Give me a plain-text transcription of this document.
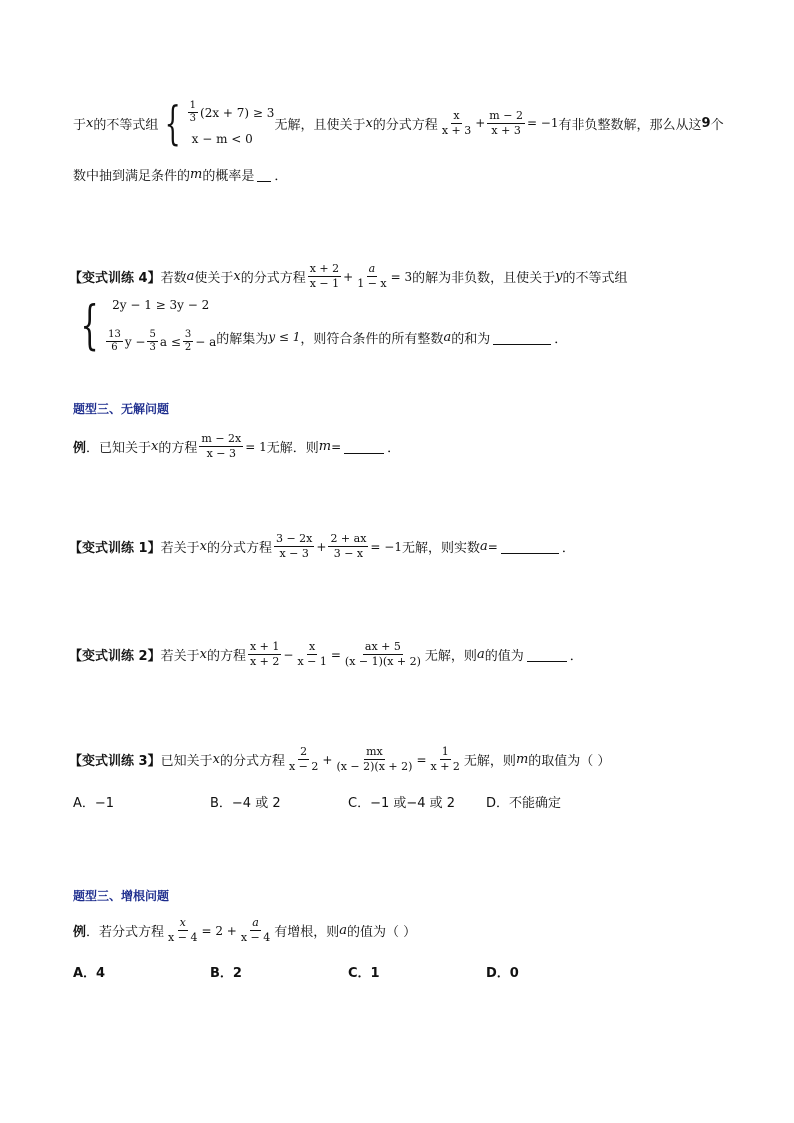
于 x 的不等式组 { $\frac{1}{3} (2x + 7) \ge 3$
x − m < 0
无解，且使关于 x 的分式方程 $\frac{x}{x + 3} + \frac{m - 2}{x + 3} = -1$ 有非负整数解，那么从这 9 个
数中抽到满足条件的 m 的概率是 ．
【变式训练 4】 若数 a 使关于 x 的分式方程 $\frac{x + 2}{x - 1} + \frac{a}{1 - x} = 3$ 的解为非负数，且使关于 y 的不等式组
{ 2y − 1 ≥ 3y − 2
$\frac{13}{6}$ $y - \frac{5}{3}$ $a \le \frac{3}{2} - a$ 的解集为 y ≤ 1 ，则符合条件的所有整数 a 的和为	．
题型三、无解问题
例 ．已知关于 x 的方程 $\frac{m - 2x}{x - 3} = 1$ 无解．则 m =	．
【变式训练 1】 若关于 x 的分式方程 $\frac{3 - 2x}{x - 3} + \frac{2 + ax}{3 - x} = -1$ 无解，则实数 a =	．
【变式训练 2】 若关于 x 的方程 $\frac{x + 1}{x + 2} - \frac{x}{x - 1} = \frac{ax + 5}{(x - 1)(x + 2)}$ 无解，则 a 的值为	．
【变式训练 3】 已知关于 x 的分式方程 $\frac{2}{x - 2} + \frac{mx}{(x - 2)(x + 2)} = \frac{1}{x + 2}$ 无解，则 m 的取值为（ ）
A．−1	B．−4 或 2	C．−1 或−4 或 2 D．不能确定
题型三、增根问题
例 ．若分式方程 $\frac{x}{x - 4} = 2 + \frac{a}{x - 4}$ 有增根，则 a 的值为（ ）
A．4	B．2	C．1	D．0
